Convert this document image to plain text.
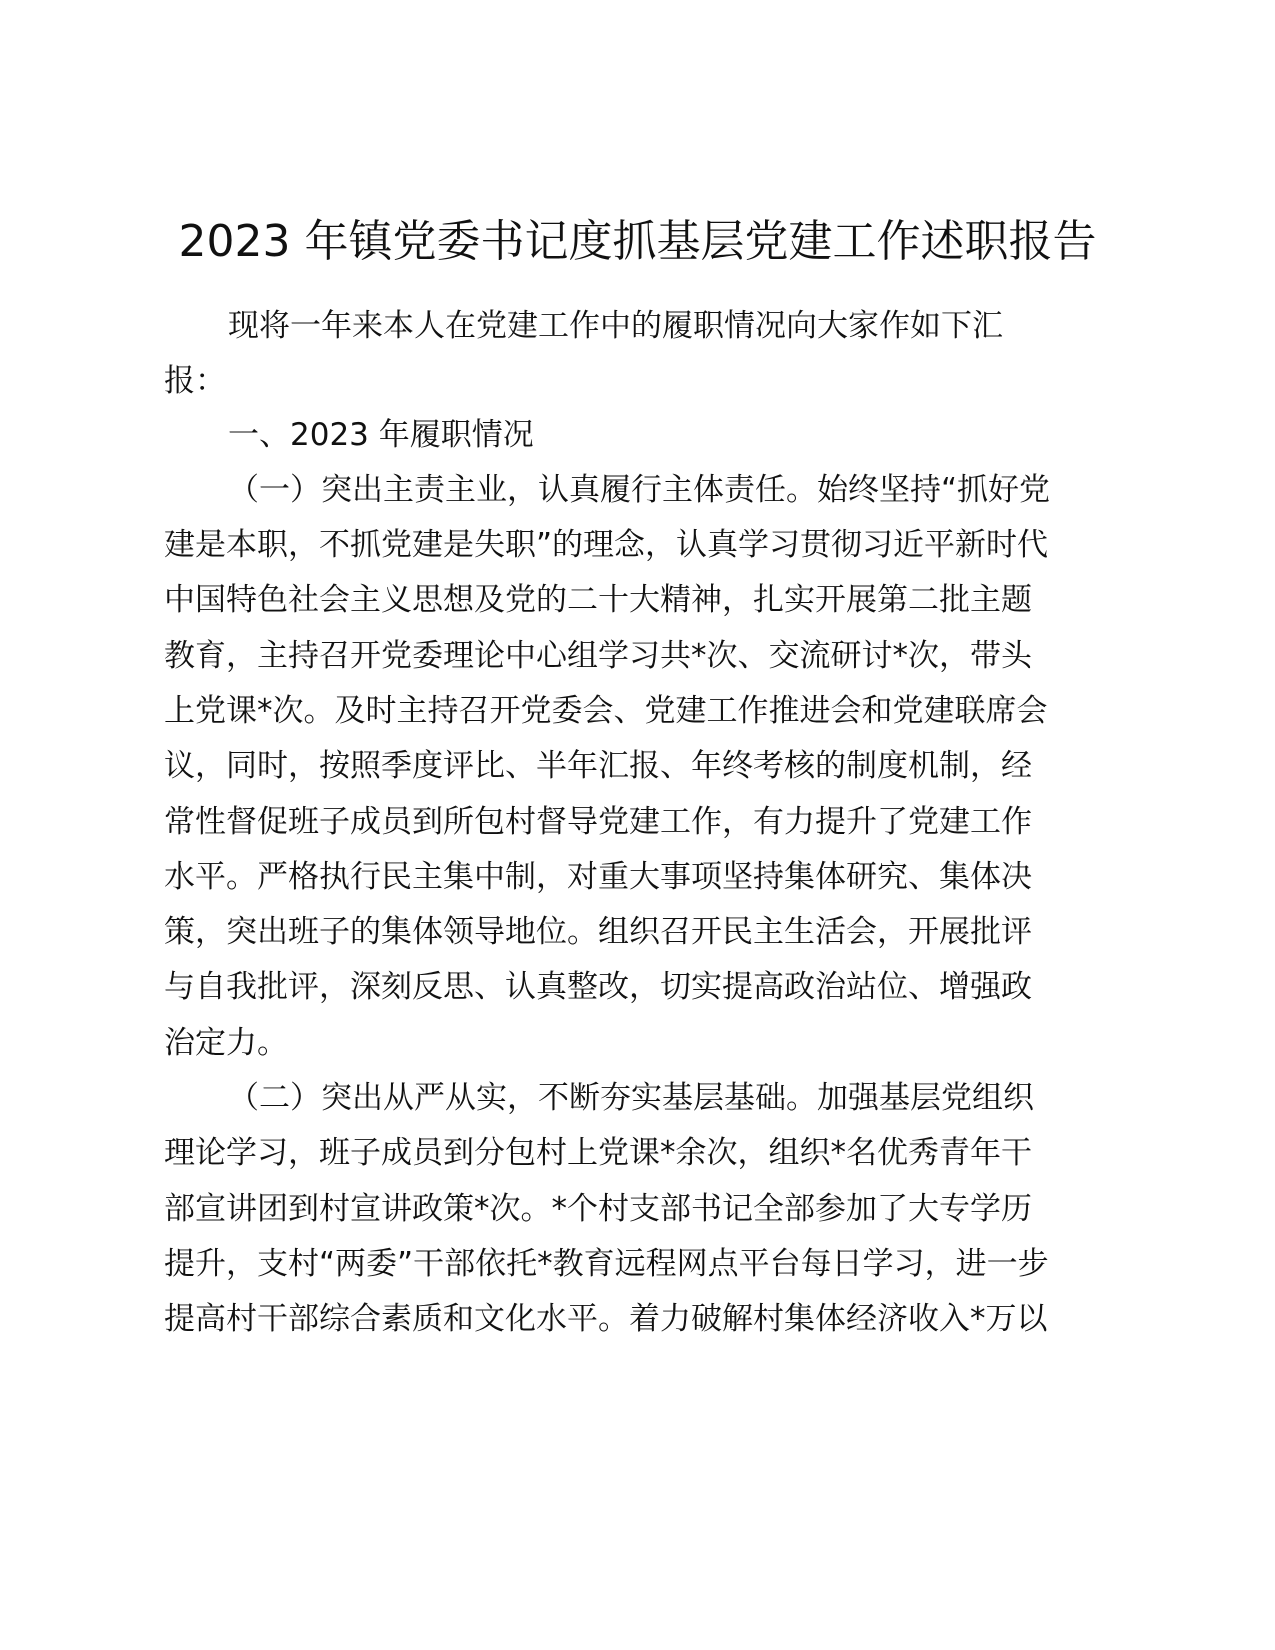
2023 年镇党委书记度抓基层党建工作述职报告
现将一年来本人在党建工作中的履职情况向大家作如下汇
报：
一、2023 年履职情况
（一）突出主责主业，认真履行主体责任。始终坚持“抓好党
建是本职，不抓党建是失职”的理念，认真学习贯彻习近平新时代
中国特色社会主义思想及党的二十大精神，扎实开展第二批主题
教育，主持召开党委理论中心组学习共*次、交流研讨*次，带头
上党课*次。及时主持召开党委会、党建工作推进会和党建联席会
议，同时，按照季度评比、半年汇报、年终考核的制度机制，经
常性督促班子成员到所包村督导党建工作，有力提升了党建工作
水平。严格执行民主集中制，对重大事项坚持集体研究、集体决
策，突出班子的集体领导地位。组织召开民主生活会，开展批评
与自我批评，深刻反思、认真整改，切实提高政治站位、增强政
治定力。
（二）突出从严从实，不断夯实基层基础。加强基层党组织
理论学习，班子成员到分包村上党课*余次，组织*名优秀青年干
部宣讲团到村宣讲政策*次。*个村支部书记全部参加了大专学历
提升，支村“两委”干部依托*教育远程网点平台每日学习，进一步
提高村干部综合素质和文化水平。着力破解村集体经济收入*万以
